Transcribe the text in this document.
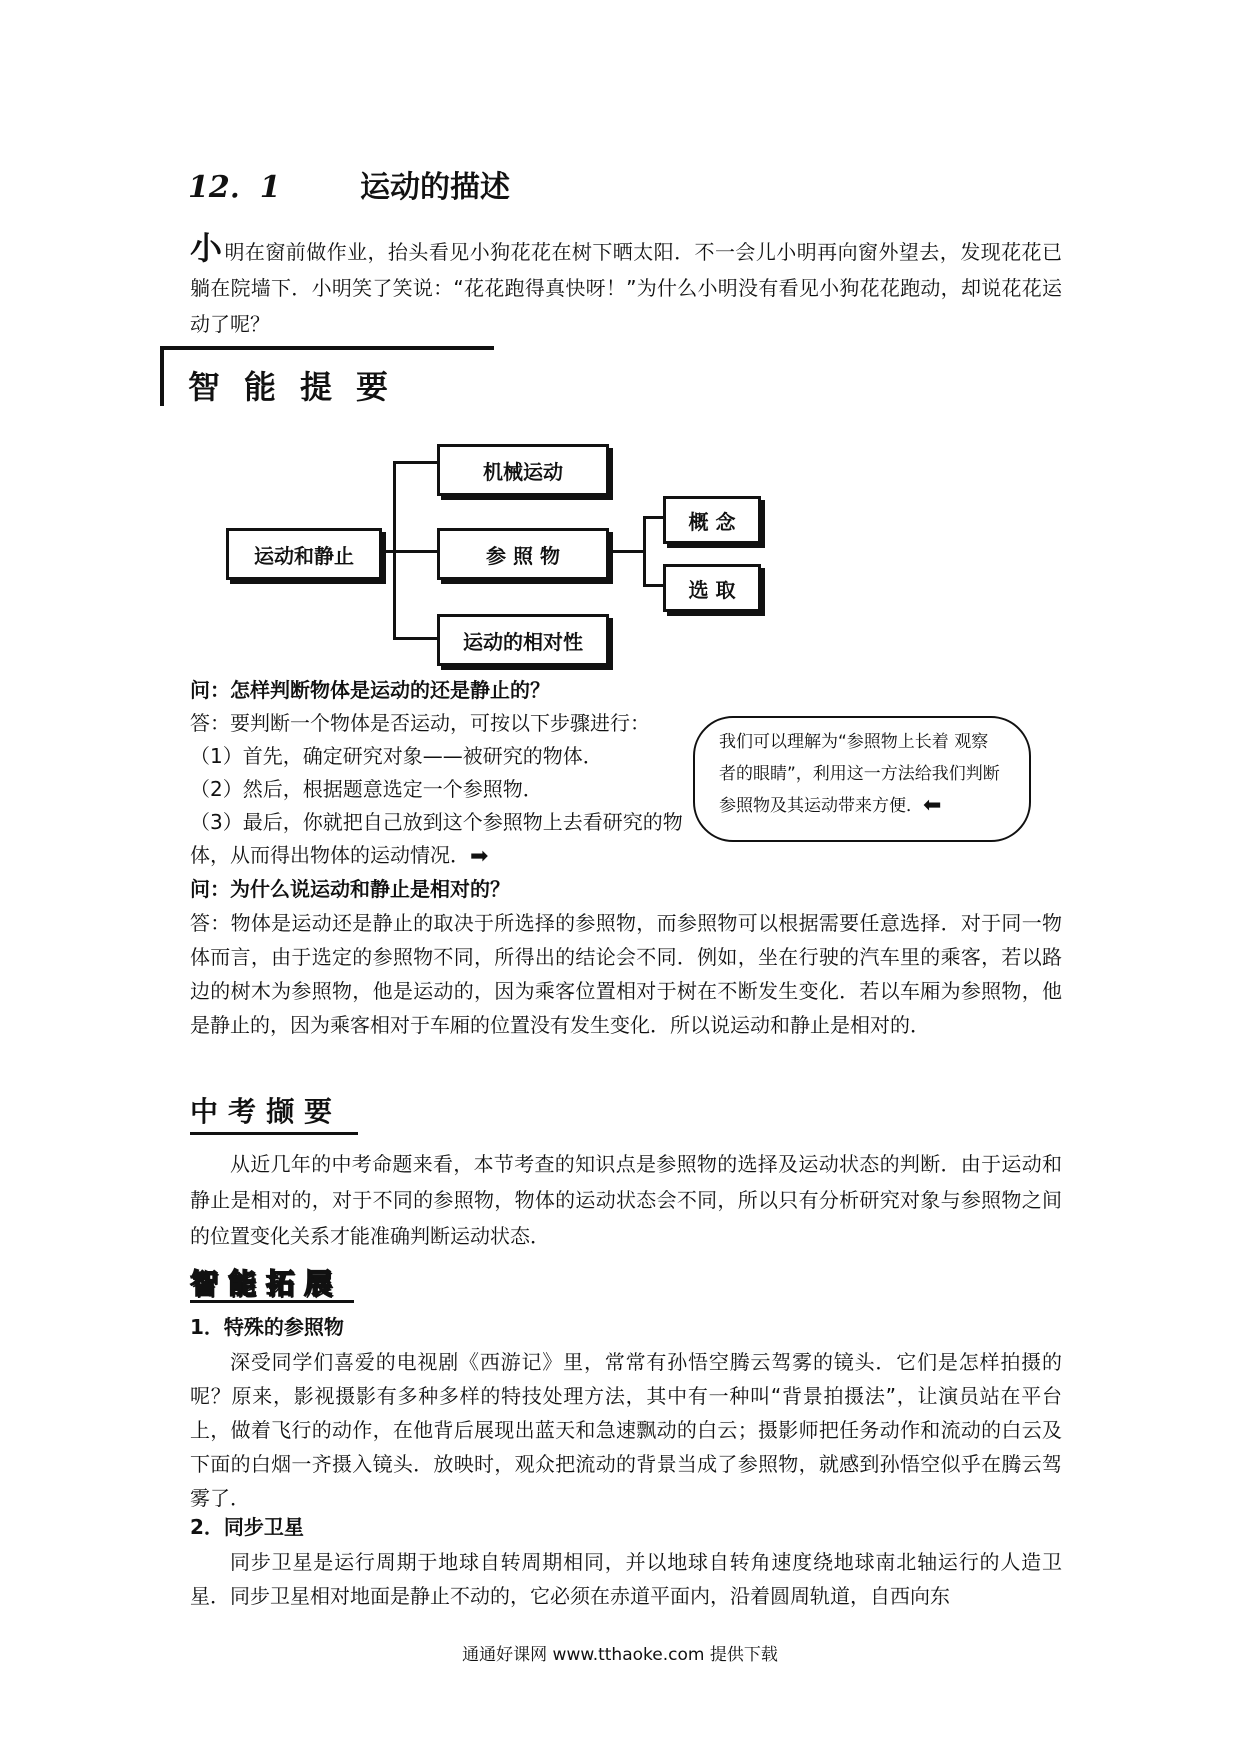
12．1	运动的描述
小明在窗前做作业，抬头看见小狗花花在树下晒太阳．不一会儿小明再向窗外望去，发现花花已躺在院墙下．小明笑了笑说：“花花跑得真快呀！”为什么小明没有看见小狗花花跑动，却说花花运动了呢？
智能提要
运动和静止
机械运动
参 照 物
运动的相对性
概 念
选 取
问：怎样判断物体是运动的还是静止的？
答：要判断一个物体是否运动，可按以下步骤进行：
（1）首先，确定研究对象——被研究的物体．
（2）然后，根据题意选定一个参照物．
（3）最后，你就把自己放到这个参照物上去看研究的物体，从而得出物体的运动情况．➡
我们可以理解为“参照物上长着 观察者的眼睛”，利用这一方法给我们判断参照物及其运动带来方便．⬅
问：为什么说运动和静止是相对的？
答：物体是运动还是静止的取决于所选择的参照物，而参照物可以根据需要任意选择．对于同一物体而言，由于选定的参照物不同，所得出的结论会不同．例如，坐在行驶的汽车里的乘客，若以路边的树木为参照物，他是运动的，因为乘客位置相对于树在不断发生变化．若以车厢为参照物，他是静止的，因为乘客相对于车厢的位置没有发生变化．所以说运动和静止是相对的．
中考撷要
从近几年的中考命题来看，本节考查的知识点是参照物的选择及运动状态的判断．由于运动和静止是相对的，对于不同的参照物，物体的运动状态会不同，所以只有分析研究对象与参照物之间的位置变化关系才能准确判断运动状态．
智能拓展
1．特殊的参照物
深受同学们喜爱的电视剧《西游记》里，常常有孙悟空腾云驾雾的镜头．它们是怎样拍摄的呢？原来，影视摄影有多种多样的特技处理方法，其中有一种叫“背景拍摄法”，让演员站在平台上，做着飞行的动作，在他背后展现出蓝天和急速飘动的白云；摄影师把任务动作和流动的白云及下面的白烟一齐摄入镜头．放映时，观众把流动的背景当成了参照物，就感到孙悟空似乎在腾云驾雾了．
2．同步卫星
同步卫星是运行周期于地球自转周期相同，并以地球自转角速度绕地球南北轴运行的人造卫星．同步卫星相对地面是静止不动的，它必须在赤道平面内，沿着圆周轨道，自西向东
通通好课网 www.tthaoke.com 提供下载
